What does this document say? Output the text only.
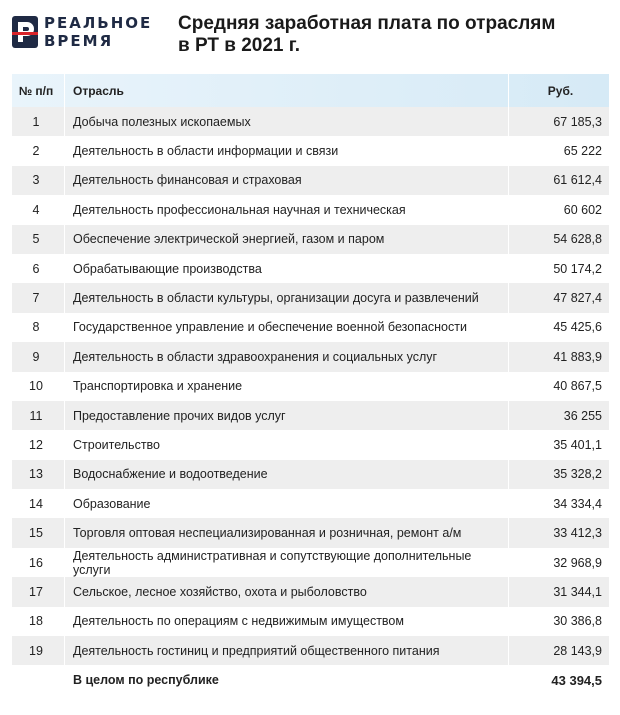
РЕАЛЬНОЕ
ВРЕМЯ
Средняя заработная плата по отраслям
в РТ в 2021 г.
№ п/п	Отрасль	Руб.
1	Добыча полезных ископаемых	67 185,3
2	Деятельность в области информации и связи	65 222
3	Деятельность финансовая и страховая	61 612,4
4	Деятельность профессиональная научная и техническая	60 602
5	Обеспечение электрической энергией, газом и паром	54 628,8
6	Обрабатывающие производства	50 174,2
7	Деятельность в области культуры, организации досуга и развлечений	47 827,4
8	Государственное управление и обеспечение военной безопасности	45 425,6
9	Деятельность в области здравоохранения и социальных услуг	41 883,9
10	Транспортировка и хранение	40 867,5
11	Предоставление прочих видов услуг	36 255
12	Строительство	35 401,1
13	Водоснабжение и водоотведение	35 328,2
14	Образование	34 334,4
15	Торговля оптовая неспециализированная и розничная, ремонт а/м	33 412,3
16	Деятельность административная и сопутствующие дополнительные услуги	32 968,9
17	Сельское, лесное хозяйство, охота и рыболовство	31 344,1
18	Деятельность по операциям с недвижимым имуществом	30 386,8
19	Деятельность гостиниц и предприятий общественного питания	28 143,9
В целом по республике	43 394,5
